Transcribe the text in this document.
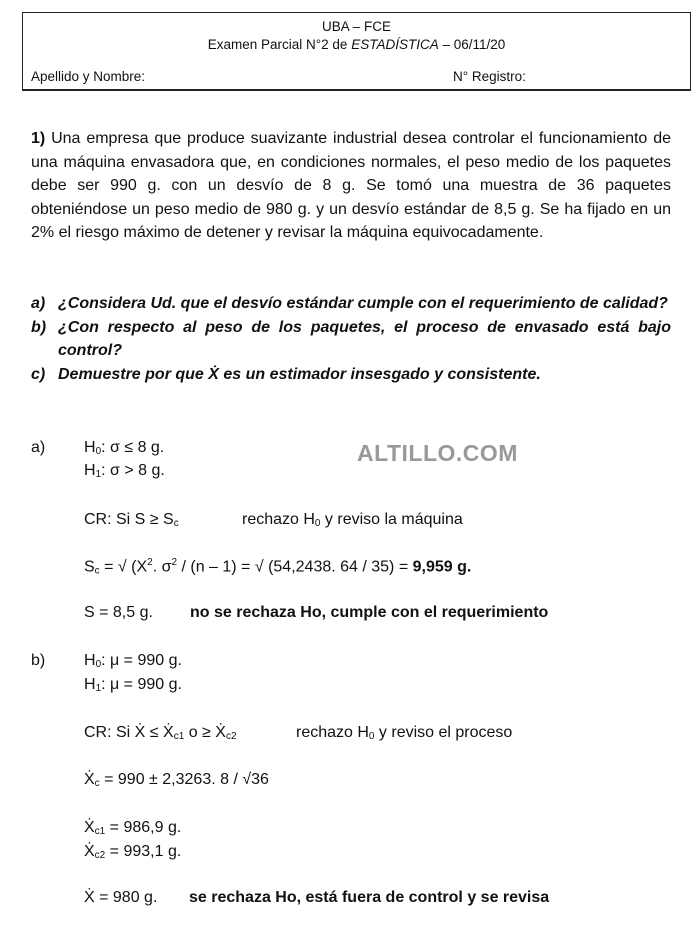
UBA – FCE
Examen Parcial N°2 de ESTADÍSTICA – 06/11/20
Apellido y Nombre:	N° Registro:
1) Una empresa que produce suavizante industrial desea controlar el funcionamiento de una máquina envasadora que, en condiciones normales, el peso medio de los paquetes debe ser 990 g. con un desvío de 8 g. Se tomó una muestra de 36 paquetes obteniéndose un peso medio de 980 g. y un desvío estándar de 8,5 g. Se ha fijado en un 2% el riesgo máximo de detener y revisar la máquina equivocadamente.
a) ¿Considera Ud. que el desvío estándar cumple con el requerimiento de calidad?
b) ¿Con respecto al peso de los paquetes, el proceso de envasado está bajo control?
c) Demuestre por que Ẋ es un estimador insesgado y consistente.
ALTILLO.COM
a) $H_0$: σ ≤ 8 g.
$H_1$: σ > 8 g.
CR: Si $S \ge S_c$	rechazo $H_0$ y reviso la máquina
$S_c$ = √ ($X^2$. $\sigma^2 / (n - 1)$ = √ (54,2438. 64 / 35) = 9,959 g.
S = 8,5 g. no se rechaza Ho, cumple con el requerimiento
b) $H_0$: μ = 990 g.
$H_1$: μ = 990 g.
CR: Si Ẋ ≤ Ẋ$_{c1}$ o ≥ Ẋ$_{c2}$	rechazo $H_0$ y reviso el proceso
Ẋ$_c$ = 990 ± 2,3263. 8 / √36
Ẋ$_{c1}$ = 986,9 g.
Ẋ$_{c2}$ = 993,1 g.
Ẋ = 980 g. se rechaza Ho, está fuera de control y se revisa
